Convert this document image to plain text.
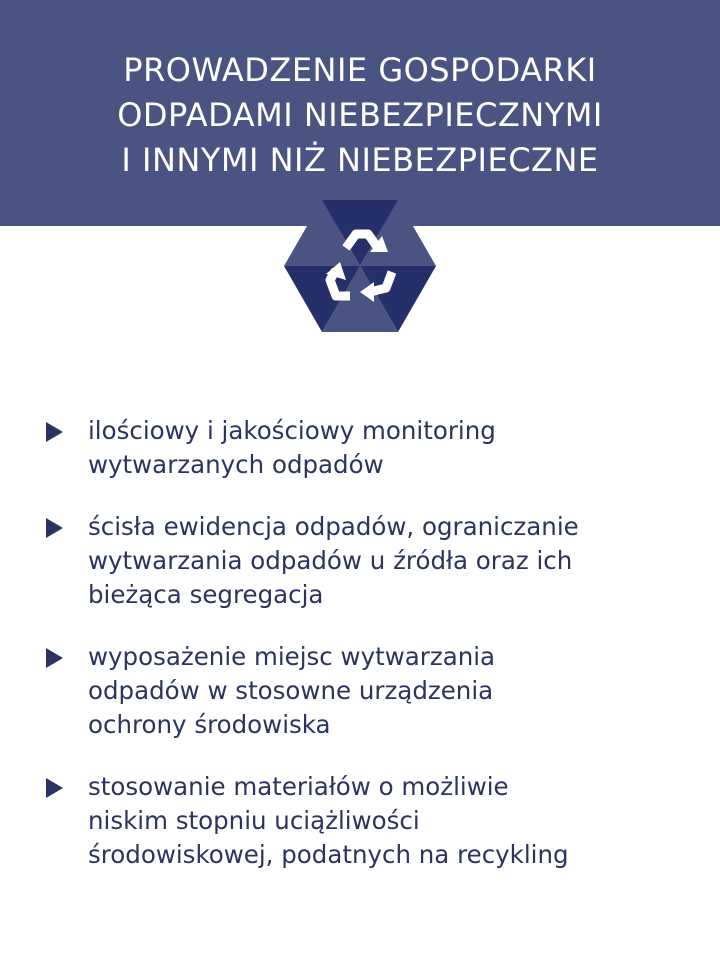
PROWADZENIE GOSPODARKI
ODPADAMI NIEBEZPIECZNYMI
I INNYMI NIŻ NIEBEZPIECZNE
ilościowy i jakościowy monitoring
wytwarzanych odpadów
ścisła ewidencja odpadów, ograniczanie
wytwarzania odpadów u źródła oraz ich
bieżąca segregacja
wyposażenie miejsc wytwarzania
odpadów w stosowne urządzenia
ochrony środowiska
stosowanie materiałów o możliwie
niskim stopniu uciążliwości
środowiskowej, podatnych na recykling
